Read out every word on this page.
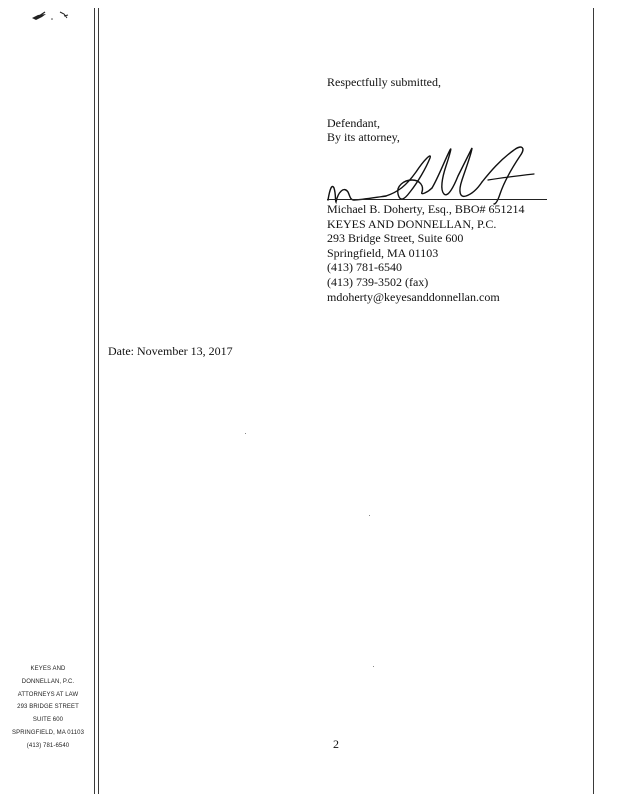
Respectfully submitted,
Defendant,
By its attorney,
Michael B. Doherty, Esq., BBO# 651214
KEYES AND DONNELLAN, P.C.
293 Bridge Street, Suite 600
Springfield, MA 01103
(413) 781-6540
(413) 739-3502 (fax)
mdoherty@keyesanddonnellan.com
Date: November 13, 2017
KEYES AND
DONNELLAN, P.C.
ATTORNEYS AT LAW
293 BRIDGE STREET
SUITE 600
SPRINGFIELD, MA 01103
(413) 781-6540	2
